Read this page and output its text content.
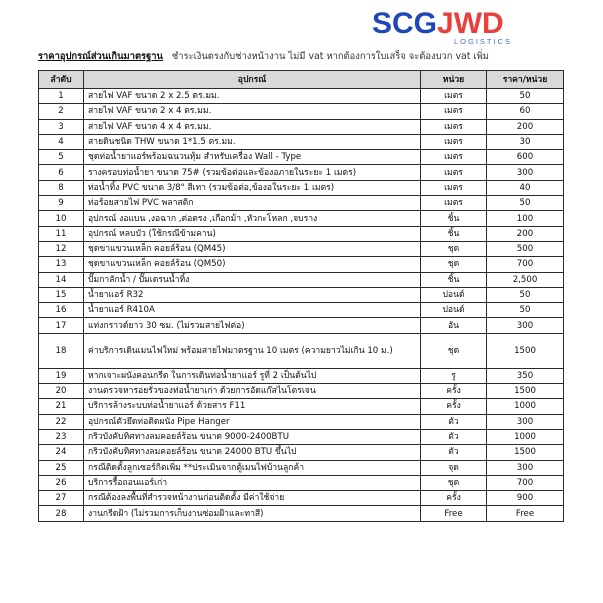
SCGJWD
LOGISTICS
ราคาอุปกรณ์ส่วนเกินมาตรฐาน ชำระเงินตรงกับช่างหน้างาน ไม่มี vat หากต้องการใบเสร็จ จะต้องบวก vat เพิ่ม
ลำดับ	อุปกรณ์	หน่วย	ราคา/หน่วย
1	สายไฟ VAF ขนาด 2 x 2.5 ตร.มม.	เมตร	50
2	สายไฟ VAF ขนาด 2 x 4 ตร.มม.	เมตร	60
3	สายไฟ VAF ขนาด 4 x 4 ตร.มม.	เมตร	200
4	สายดินชนิด THW ขนาด 1*1.5 ตร.มม.	เมตร	30
5	ชุดท่อน้ำยาแอร์พร้อมฉนวนหุ้ม สำหรับเครื่อง Wall - Type	เมตร	600
6	รางครอบท่อน้ำยา ขนาด 75# (รวมข้อต่อและข้องอภายในระยะ 1 เมตร)	เมตร	300
8	ท่อน้ำทิ้ง PVC ขนาด 3/8" สีเทา (รวมข้อต่อ,ข้องอในระยะ 1 เมตร)	เมตร	40
9	ท่อร้อยสายไฟ PVC พลาสติก	เมตร	50
10	อุปกรณ์ งอแบน ,งอฉาก ,ต่อตรง ,เกือกม้า ,หัวกะโหลก ,จบราง	ชิ้น	100
11	อุปกรณ์ หลบบัว (ใช้กรณีข้ามคาน)	ชิ้น	200
12	ชุดขาแขวนเหล็ก คอยล์ร้อน (QM45)	ชุด	500
13	ชุดขาแขวนเหล็ก คอยล์ร้อน (QM50)	ชุด	700
14	ปั๊มกาลักน้ำ / ปั๊มเดรนน้ำทิ้ง	ชิ้น	2,500
15	น้ำยาแอร์ R32	ปอนด์	50
16	น้ำยาแอร์ R410A	ปอนด์	50
17	แท่งกราวด์ยาว 30 ซม. (ไม่รวมสายไฟต่อ)	อัน	300
18	ค่าบริการเดินเมนไฟใหม่ พร้อมสายไฟมาตรฐาน 10 เมตร (ความยาวไม่เกิน 10 ม.)	ชุด	1500
19	หากเจาะผนังคอนกรีต ในการเดินท่อน้ำยาแอร์ รูที่ 2 เป็นต้นไป	รู	350
20	งานตรวจหารอยรั่วของท่อน้ำยาเก่า ด้วยการอัดแก๊สไนโตรเจน	ครั้ง	1500
21	บริการล้างระบบท่อน้ำยาแอร์ ด้วยสาร F11	ครั้ง	1000
22	อุปกรณ์ตัวยึดท่อติดผนัง Pipe Hanger	ตัว	300
23	กริวบังคับทิศทางลมคอยล์ร้อน ขนาด 9000-2400BTU	ตัว	1000
24	กริวบังคับทิศทางลมคอยล์ร้อน ขนาด 24000 BTU ขึ้นไป	ตัว	1500
25	กรณีติดตั้งลูกเซอร์กิตเพิ่ม **ประเมินจากตู้เมนไฟบ้านลูกค้า	จุด	300
26	บริการรื้อถอนแอร์เก่า	ชุด	700
27	กรณีต้องลงพื้นที่สำรวจหน้างานก่อนติดตั้ง มีค่าใช้จ่าย	ครั้ง	900
28	งานกรีดฝ้า (ไม่รวมการเก็บงานซ่อมฝ้าและทาสี)	Free	Free
